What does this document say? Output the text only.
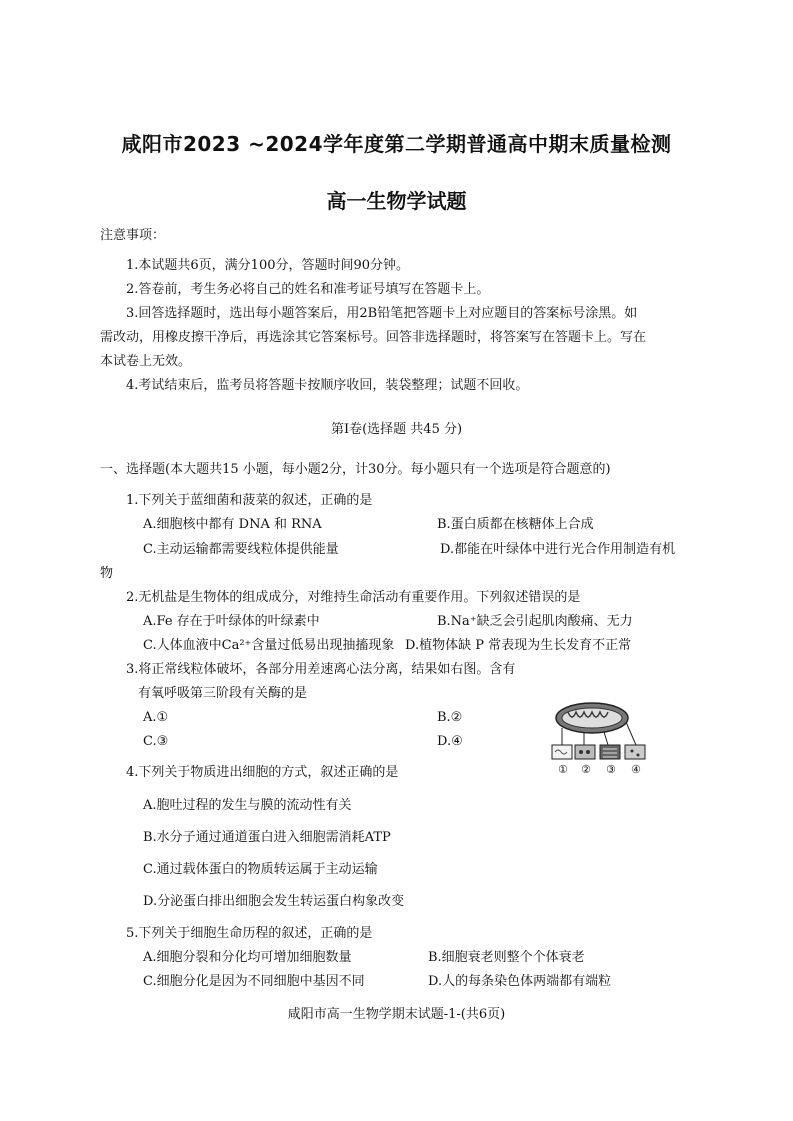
咸阳市2023 ~2024学年度第二学期普通高中期末质量检测
高一生物学试题
注意事项：
1.本试题共6页，满分100分，答题时间90分钟。
2.答卷前，考生务必将自己的姓名和准考证号填写在答题卡上。
3.回答选择题时，选出每小题答案后，用2B铅笔把答题卡上对应题目的答案标号涂黑。如
需改动，用橡皮擦干净后，再选涂其它答案标号。回答非选择题时，将答案写在答题卡上。写在
本试卷上无效。
4.考试结束后，监考员将答题卡按顺序收回，装袋整理；试题不回收。
第Ⅰ卷(选择题 共45 分)
一、选择题(本大题共15 小题，每小题2分，计30分。每小题只有一个选项是符合题意的)
1.下列关于蓝细菌和菠菜的叙述，正确的是
A.细胞核中都有 DNA 和 RNA	B.蛋白质都在核糖体上合成
C.主动运输都需要线粒体提供能量	D.都能在叶绿体中进行光合作用制造有机
物
2.无机盐是生物体的组成成分，对维持生命活动有重要作用。下列叙述错误的是
A.Fe 存在于叶绿体的叶绿素中	B.Na⁺缺乏会引起肌肉酸痛、无力
C.人体血液中Ca²⁺含量过低易出现抽搐现象 D.植物体缺 P 常表现为生长发育不正常
3.将正常线粒体破坏，各部分用差速离心法分离，结果如右图。含有
有氧呼吸第三阶段有关酶的是
A.①	B.②
C.③	D.④
① ② ③ ④
4.下列关于物质进出细胞的方式，叙述正确的是
A.胞吐过程的发生与膜的流动性有关
B.水分子通过通道蛋白进入细胞需消耗ATP
C.通过载体蛋白的物质转运属于主动运输
D.分泌蛋白排出细胞会发生转运蛋白构象改变
5.下列关于细胞生命历程的叙述，正确的是
A.细胞分裂和分化均可增加细胞数量	B.细胞衰老则整个个体衰老
C.细胞分化是因为不同细胞中基因不同	D.人的每条染色体两端都有端粒
咸阳市高一生物学期末试题-1-(共6页)
